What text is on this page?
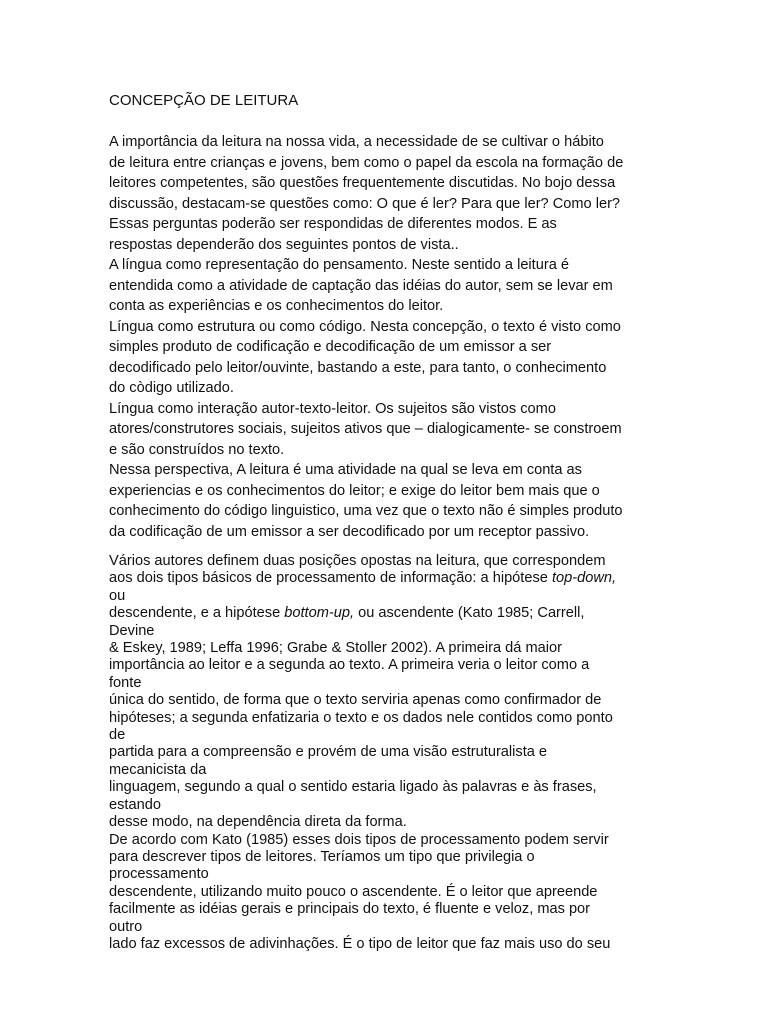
CONCEPÇÃO DE LEITURA
A importância da leitura na nossa vida, a necessidade de se cultivar o hábito
de leitura entre crianças e jovens, bem como o papel da escola na formação de
leitores competentes, são questões frequentemente discutidas. No bojo dessa
discussão, destacam-se questões como: O que é ler? Para que ler? Como ler?
Essas perguntas poderão ser respondidas de diferentes modos. E as
respostas dependerão dos seguintes pontos de vista..
A língua como representação do pensamento. Neste sentido a leitura é
entendida como a atividade de captação das idéias do autor, sem se levar em
conta as experiências e os conhecimentos do leitor.
Língua como estrutura ou como código. Nesta concepção, o texto é visto como
simples produto de codificação e decodificação de um emissor a ser
decodificado pelo leitor/ouvinte, bastando a este, para tanto, o conhecimento
do còdigo utilizado.
Língua como interação autor-texto-leitor. Os sujeitos são vistos como
atores/construtores sociais, sujeitos ativos que – dialogicamente- se constroem
e são construídos no texto.
Nessa perspectiva, A leitura é uma atividade na qual se leva em conta as
experiencias e os conhecimentos do leitor; e exige do leitor bem mais que o
conhecimento do código linguistico, uma vez que o texto não é simples produto
da codificação de um emissor a ser decodificado por um receptor passivo.
Vários autores definem duas posições opostas na leitura, que correspondem
aos dois tipos básicos de processamento de informação: a hipótese top-down,
ou
descendente, e a hipótese bottom-up, ou ascendente (Kato 1985; Carrell,
Devine
& Eskey, 1989; Leffa 1996; Grabe & Stoller 2002). A primeira dá maior
importância ao leitor e a segunda ao texto. A primeira veria o leitor como a
fonte
única do sentido, de forma que o texto serviria apenas como confirmador de
hipóteses; a segunda enfatizaria o texto e os dados nele contidos como ponto
de
partida para a compreensão e provém de uma visão estruturalista e
mecanicista da
linguagem, segundo a qual o sentido estaria ligado às palavras e às frases,
estando
desse modo, na dependência direta da forma.
De acordo com Kato (1985) esses dois tipos de processamento podem servir
para descrever tipos de leitores. Teríamos um tipo que privilegia o
processamento
descendente, utilizando muito pouco o ascendente. É o leitor que apreende
facilmente as idéias gerais e principais do texto, é fluente e veloz, mas por
outro
lado faz excessos de adivinhações. É o tipo de leitor que faz mais uso do seu
